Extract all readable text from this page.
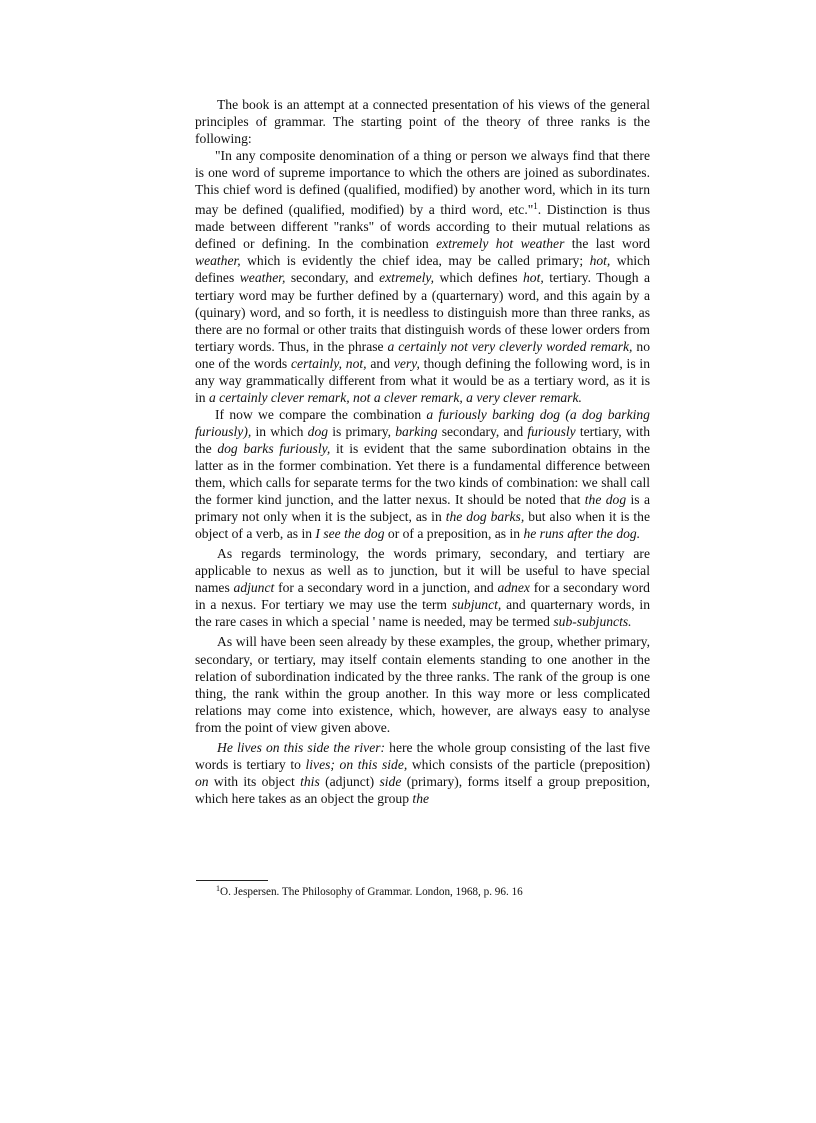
The book is an attempt at a connected presentation of his views of the general principles of grammar. The starting point of the theory of three ranks is the following:

"In any composite denomination of a thing or person we always find that there is one word of supreme importance to which the others are joined as subordinates. This chief word is defined (qualified, modified) by another word, which in its turn may be defined (qualified, modified) by a third word, etc."$^1$. Distinction is thus made between different "ranks" of words according to their mutual relations as defined or defining. In the combination extremely hot weather the last word weather, which is evidently the chief idea, may be called primary; hot, which defines weather, secondary, and extremely, which defines hot, tertiary. Though a tertiary word may be further defined by a (quarternary) word, and this again by a (quinary) word, and so forth, it is needless to distinguish more than three ranks, as there are no formal or other traits that distinguish words of these lower orders from tertiary words. Thus, in the phrase a certainly not very cleverly worded remark, no one of the words certainly, not, and very, though defining the following word, is in any way grammatically different from what it would be as a tertiary word, as it is in a certainly clever remark, not a clever remark, a very clever remark.

If now we compare the combination a furiously barking dog (a dog barking furiously), in which dog is primary, barking secondary, and furiously tertiary, with the dog barks furiously, it is evident that the same subordination obtains in the latter as in the former combination. Yet there is a fundamental difference between them, which calls for separate terms for the two kinds of combination: we shall call the former kind junction, and the latter nexus. It should be noted that the dog is a primary not only when it is the subject, as in the dog barks, but also when it is the object of a verb, as in I see the dog or of a preposition, as in he runs after the dog.

As regards terminology, the words primary, secondary, and tertiary are applicable to nexus as well as to junction, but it will be useful to have special names adjunct for a secondary word in a junction, and adnex for a secondary word in a nexus. For tertiary we may use the term subjunct, and quarternary words, in the rare cases in which a special ' name is needed, may be termed sub-subjuncts.

As will have been seen already by these examples, the group, whether primary, secondary, or tertiary, may itself contain elements standing to one another in the relation of subordination indicated by the three ranks. The rank of the group is one thing, the rank within the group another. In this way more or less complicated relations may come into existence, which, however, are always easy to analyse from the point of view given above.

He lives on this side the river: here the whole group consisting of the last five words is tertiary to lives; on this side, which consists of the particle (preposition) on with its object this (adjunct) side (primary), forms itself a group preposition, which here takes as an object the group the

$^1$O. Jespersen. The Philosophy of Grammar. London, 1968, p. 96. 16
